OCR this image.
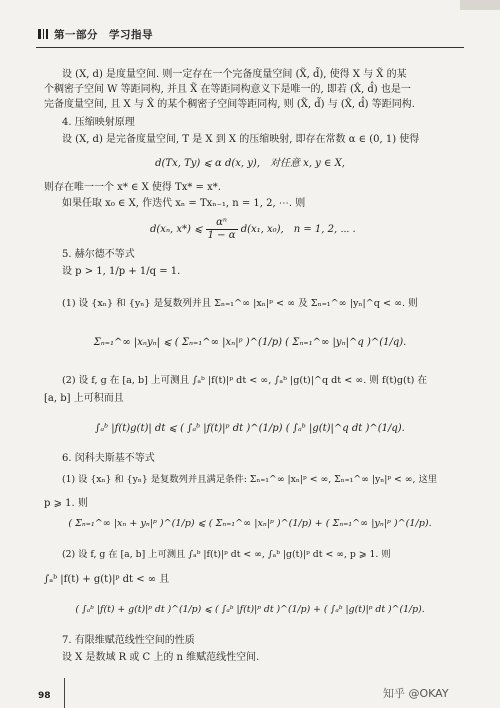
第一部分　学习指导
设 (X, d) 是度量空间. 则一定存在一个完备度量空间 (X̃, d̃), 使得 X 与 X̃ 的某
个稠密子空间 W 等距同构, 并且 X̃ 在等距同构意义下是唯一的, 即若 (X̂, d̂) 也是一
完备度量空间, 且 X 与 X̂ 的某个稠密子空间等距同构, 则 (X̃, d̃) 与 (X̂, d̂) 等距同构.
4. 压缩映射原理
设 (X, d) 是完备度量空间, T 是 X 到 X 的压缩映射, 即存在常数 α ∈ (0, 1) 使得
d(Tx, Ty) ⩽ α d(x, y),　对任意 x, y ∈ X,
则存在唯一一个 x* ∈ X 使得 Tx* = x*.
如果任取 x₀ ∈ X, 作迭代 xₙ = Txₙ₋₁, n = 1, 2, ⋯. 则
d(xₙ, x*) ⩽ $\frac{\text{αⁿ}}{1 - \alpha} d(x_1$, x₀),　n = 1, 2, ⋯ .
5. 赫尔德不等式
设 p > 1, 1/p + 1/q = 1.
(1) 设 {xₙ} 和 {yₙ} 是复数列并且 Σₙ₌₁^∞ |xₙ|ᵖ < ∞ 及 Σₙ₌₁^∞ |yₙ|^q < ∞. 则
Σₙ₌₁^∞ |xₙyₙ| ⩽ ( Σₙ₌₁^∞ |xₙ|ᵖ )^(1/p) ( Σₙ₌₁^∞ |yₙ|^q )^(1/q).
(2) 设 f, g 在 [a, b] 上可测且 ∫ₐᵇ |f(t)|ᵖ dt < ∞, ∫ₐᵇ |g(t)|^q dt < ∞. 则 f(t)g(t) 在
[a, b] 上可积而且
∫ₐᵇ |f(t)g(t)| dt ⩽ ( ∫ₐᵇ |f(t)|ᵖ dt )^(1/p) ( ∫ₐᵇ |g(t)|^q dt )^(1/q).
6. 闵科夫斯基不等式
(1) 设 {xₙ} 和 {yₙ} 是复数列并且满足条件: Σₙ₌₁^∞ |xₙ|ᵖ < ∞, Σₙ₌₁^∞ |yₙ|ᵖ < ∞, 这里
p ⩾ 1. 则
( Σₙ₌₁^∞ |xₙ + yₙ|ᵖ )^(1/p) ⩽ ( Σₙ₌₁^∞ |xₙ|ᵖ )^(1/p) + ( Σₙ₌₁^∞ |yₙ|ᵖ )^(1/p).
(2) 设 f, g 在 [a, b] 上可测且 ∫ₐᵇ |f(t)|ᵖ dt < ∞, ∫ₐᵇ |g(t)|ᵖ dt < ∞, p ⩾ 1. 则
∫ₐᵇ |f(t) + g(t)|ᵖ dt < ∞ 且
( ∫ₐᵇ |f(t) + g(t)|ᵖ dt )^(1/p) ⩽ ( ∫ₐᵇ |f(t)|ᵖ dt )^(1/p) + ( ∫ₐᵇ |g(t)|ᵖ dt )^(1/p).
7. 有限维赋范线性空间的性质
设 X 是数域 R 或 C 上的 n 维赋范线性空间.
98	知乎 @OKAY
